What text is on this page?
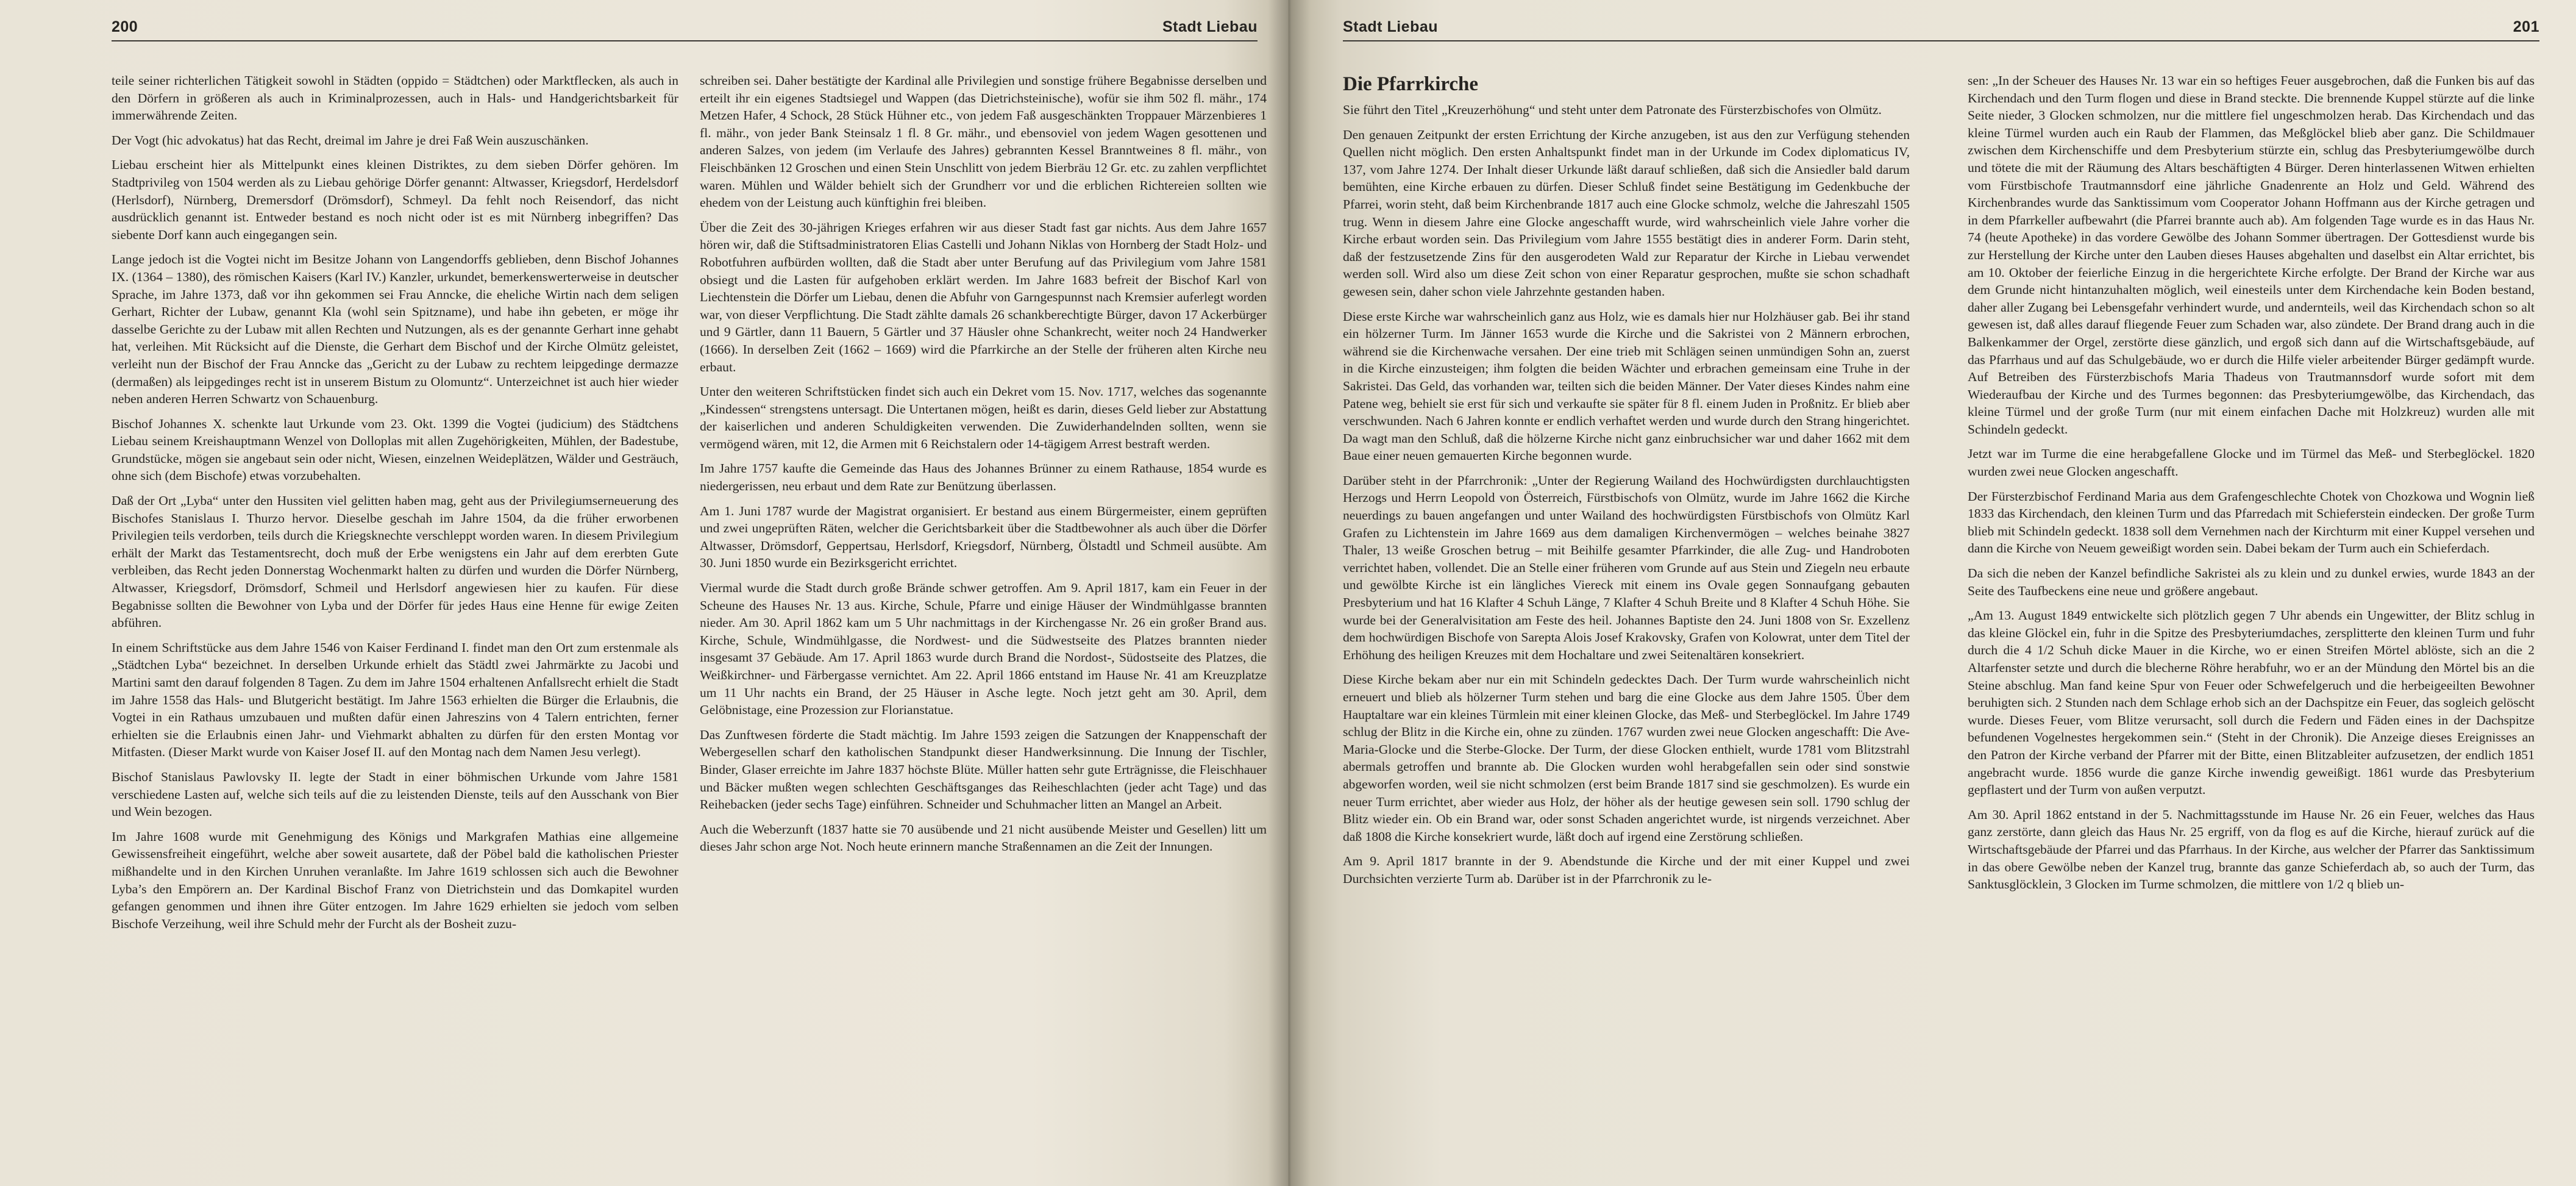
200	Stadt Liebau

teile seiner richterlichen Tätigkeit sowohl in Städten (oppido = Städtchen) oder Marktflecken, als auch in den Dörfern in größeren als auch in Kriminalprozessen, auch in Hals- und Handgerichtsbarkeit für immerwährende Zeiten.

Der Vogt (hic advokatus) hat das Recht, dreimal im Jahre je drei Faß Wein auszuschänken.

Liebau erscheint hier als Mittelpunkt eines kleinen Distriktes, zu dem sieben Dörfer gehören. Im Stadtprivileg von 1504 werden als zu Liebau gehörige Dörfer genannt: Altwasser, Kriegsdorf, Herdelsdorf (Herlsdorf), Nürnberg, Dremersdorf (Drömsdorf), Schmeyl. Da fehlt noch Reisendorf, das nicht ausdrücklich genannt ist. Entweder bestand es noch nicht oder ist es mit Nürnberg inbegriffen? Das siebente Dorf kann auch eingegangen sein.

Lange jedoch ist die Vogtei nicht im Besitze Johann von Langendorffs geblieben, denn Bischof Johannes IX. (1364 – 1380), des römischen Kaisers (Karl IV.) Kanzler, urkundet, bemerkenswerterweise in deutscher Sprache, im Jahre 1373, daß vor ihn gekommen sei Frau Anncke, die eheliche Wirtin nach dem seligen Gerhart, Richter der Lubaw, genannt Kla (wohl sein Spitzname), und habe ihn gebeten, er möge ihr dasselbe Gerichte zu der Lubaw mit allen Rechten und Nutzungen, als es der genannte Gerhart inne gehabt hat, verleihen. Mit Rücksicht auf die Dienste, die Gerhart dem Bischof und der Kirche Olmütz geleistet, verleiht nun der Bischof der Frau Anncke das „Gericht zu der Lubaw zu rechtem leipgedinge dermazze (dermaßen) als leipgedinges recht ist in unserem Bistum zu Olomuntz“. Unterzeichnet ist auch hier wieder neben anderen Herren Schwartz von Schauenburg.

Bischof Johannes X. schenkte laut Urkunde vom 23. Okt. 1399 die Vogtei (judicium) des Städtchens Liebau seinem Kreishauptmann Wenzel von Dolloplas mit allen Zugehörigkeiten, Mühlen, der Badestube, Grundstücke, mögen sie angebaut sein oder nicht, Wiesen, einzelnen Weideplätzen, Wälder und Gesträuch, ohne sich (dem Bischofe) etwas vorzubehalten.

Daß der Ort „Lyba“ unter den Hussiten viel gelitten haben mag, geht aus der Privilegiumserneuerung des Bischofes Stanislaus I. Thurzo hervor. Dieselbe geschah im Jahre 1504, da die früher erworbenen Privilegien teils verdorben, teils durch die Kriegsknechte verschleppt worden waren. In diesem Privilegium erhält der Markt das Testamentsrecht, doch muß der Erbe wenigstens ein Jahr auf dem ererbten Gute verbleiben, das Recht jeden Donnerstag Wochenmarkt halten zu dürfen und wurden die Dörfer Nürnberg, Altwasser, Kriegsdorf, Drömsdorf, Schmeil und Herlsdorf angewiesen hier zu kaufen. Für diese Begabnisse sollten die Bewohner von Lyba und der Dörfer für jedes Haus eine Henne für ewige Zeiten abführen.

In einem Schriftstücke aus dem Jahre 1546 von Kaiser Ferdinand I. findet man den Ort zum erstenmale als „Städtchen Lyba“ bezeichnet. In derselben Urkunde erhielt das Städtl zwei Jahrmärkte zu Jacobi und Martini samt den darauf folgenden 8 Tagen. Zu dem im Jahre 1504 erhaltenen Anfallsrecht erhielt die Stadt im Jahre 1558 das Hals- und Blutgericht bestätigt. Im Jahre 1563 erhielten die Bürger die Erlaubnis, die Vogtei in ein Rathaus umzubauen und mußten dafür einen Jahreszins von 4 Talern entrichten, ferner erhielten sie die Erlaubnis einen Jahr- und Viehmarkt abhalten zu dürfen für den ersten Montag vor Mitfasten. (Dieser Markt wurde von Kaiser Josef II. auf den Montag nach dem Namen Jesu verlegt).

Bischof Stanislaus Pawlovsky II. legte der Stadt in einer böhmischen Urkunde vom Jahre 1581 verschiedene Lasten auf, welche sich teils auf die zu leistenden Dienste, teils auf den Ausschank von Bier und Wein bezogen.

Im Jahre 1608 wurde mit Genehmigung des Königs und Markgrafen Mathias eine allgemeine Gewissensfreiheit eingeführt, welche aber soweit ausartete, daß der Pöbel bald die katholischen Priester mißhandelte und in den Kirchen Unruhen veranlaßte. Im Jahre 1619 schlossen sich auch die Bewohner Lyba’s den Empörern an. Der Kardinal Bischof Franz von Dietrichstein und das Domkapitel wurden gefangen genommen und ihnen ihre Güter entzogen. Im Jahre 1629 erhielten sie jedoch vom selben Bischofe Verzeihung, weil ihre Schuld mehr der Furcht als der Bosheit zuzu-

schreiben sei. Daher bestätigte der Kardinal alle Privilegien und sonstige frühere Begabnisse derselben und erteilt ihr ein eigenes Stadtsiegel und Wappen (das Dietrichsteinische), wofür sie ihm 502 fl. mähr., 174 Metzen Hafer, 4 Schock, 28 Stück Hühner etc., von jedem Faß ausgeschänkten Troppauer Märzenbieres 1 fl. mähr., von jeder Bank Steinsalz 1 fl. 8 Gr. mähr., und ebensoviel von jedem Wagen gesottenen und anderen Salzes, von jedem (im Verlaufe des Jahres) gebrannten Kessel Branntweines 8 fl. mähr., von Fleischbänken 12 Groschen und einen Stein Unschlitt von jedem Bierbräu 12 Gr. etc. zu zahlen verpflichtet waren. Mühlen und Wälder behielt sich der Grundherr vor und die erblichen Richtereien sollten wie ehedem von der Leistung auch künftighin frei bleiben.

Über die Zeit des 30-jährigen Krieges erfahren wir aus dieser Stadt fast gar nichts. Aus dem Jahre 1657 hören wir, daß die Stiftsadministratoren Elias Castelli und Johann Niklas von Hornberg der Stadt Holz- und Robotfuhren aufbürden wollten, daß die Stadt aber unter Berufung auf das Privilegium vom Jahre 1581 obsiegt und die Lasten für aufgehoben erklärt werden. Im Jahre 1683 befreit der Bischof Karl von Liechtenstein die Dörfer um Liebau, denen die Abfuhr von Garngespunnst nach Kremsier auferlegt worden war, von dieser Verpflichtung. Die Stadt zählte damals 26 schankberechtigte Bürger, davon 17 Ackerbürger und 9 Gärtler, dann 11 Bauern, 5 Gärtler und 37 Häusler ohne Schankrecht, weiter noch 24 Handwerker (1666). In derselben Zeit (1662 – 1669) wird die Pfarrkirche an der Stelle der früheren alten Kirche neu erbaut.

Unter den weiteren Schriftstücken findet sich auch ein Dekret vom 15. Nov. 1717, welches das sogenannte „Kindessen“ strengstens untersagt. Die Untertanen mögen, heißt es darin, dieses Geld lieber zur Abstattung der kaiserlichen und anderen Schuldigkeiten verwenden. Die Zuwiderhandelnden sollten, wenn sie vermögend wären, mit 12, die Armen mit 6 Reichstalern oder 14-tägigem Arrest bestraft werden.

Im Jahre 1757 kaufte die Gemeinde das Haus des Johannes Brünner zu einem Rathause, 1854 wurde es niedergerissen, neu erbaut und dem Rate zur Benützung überlassen.

Am 1. Juni 1787 wurde der Magistrat organisiert. Er bestand aus einem Bürgermeister, einem geprüften und zwei ungeprüften Räten, welcher die Gerichtsbarkeit über die Stadtbewohner als auch über die Dörfer Altwasser, Drömsdorf, Geppertsau, Herlsdorf, Kriegsdorf, Nürnberg, Ölstadtl und Schmeil ausübte. Am 30. Juni 1850 wurde ein Bezirksgericht errichtet.

Viermal wurde die Stadt durch große Brände schwer getroffen. Am 9. April 1817, kam ein Feuer in der Scheune des Hauses Nr. 13 aus. Kirche, Schule, Pfarre und einige Häuser der Windmühlgasse brannten nieder. Am 30. April 1862 kam um 5 Uhr nachmittags in der Kirchengasse Nr. 26 ein großer Brand aus. Kirche, Schule, Windmühlgasse, die Nordwest- und die Südwestseite des Platzes brannten nieder insgesamt 37 Gebäude. Am 17. April 1863 wurde durch Brand die Nordost-, Südostseite des Platzes, die Weißkirchner- und Färbergasse vernichtet. Am 22. April 1866 entstand im Hause Nr. 41 am Kreuzplatze um 11 Uhr nachts ein Brand, der 25 Häuser in Asche legte. Noch jetzt geht am 30. April, dem Gelöbnistage, eine Prozession zur Florianstatue.

Das Zunftwesen förderte die Stadt mächtig. Im Jahre 1593 zeigen die Satzungen der Knappenschaft der Webergesellen scharf den katholischen Standpunkt dieser Handwerksinnung. Die Innung der Tischler, Binder, Glaser erreichte im Jahre 1837 höchste Blüte. Müller hatten sehr gute Erträgnisse, die Fleischhauer und Bäcker mußten wegen schlechten Geschäftsganges das Reiheschlachten (jeder acht Tage) und das Reihebacken (jeder sechs Tage) einführen. Schneider und Schuhmacher litten an Mangel an Arbeit.

Auch die Weberzunft (1837 hatte sie 70 ausübende und 21 nicht ausübende Meister und Gesellen) litt um dieses Jahr schon arge Not. Noch heute erinnern manche Straßennamen an die Zeit der Innungen.

Stadt Liebau	201
Die Pfarrkirche

Sie führt den Titel „Kreuzerhöhung“ und steht unter dem Patronate des Fürsterzbischofes von Olmütz.

Den genauen Zeitpunkt der ersten Errichtung der Kirche anzugeben, ist aus den zur Verfügung stehenden Quellen nicht möglich. Den ersten Anhaltspunkt findet man in der Urkunde im Codex diplomaticus IV, 137, vom Jahre 1274. Der Inhalt dieser Urkunde läßt darauf schließen, daß sich die Ansiedler bald darum bemühten, eine Kirche erbauen zu dürfen. Dieser Schluß findet seine Bestätigung im Gedenkbuche der Pfarrei, worin steht, daß beim Kirchenbrande 1817 auch eine Glocke schmolz, welche die Jahreszahl 1505 trug. Wenn in diesem Jahre eine Glocke angeschafft wurde, wird wahrscheinlich viele Jahre vorher die Kirche erbaut worden sein. Das Privilegium vom Jahre 1555 bestätigt dies in anderer Form. Darin steht, daß der festzusetzende Zins für den ausgerodeten Wald zur Reparatur der Kirche in Liebau verwendet werden soll. Wird also um diese Zeit schon von einer Reparatur gesprochen, mußte sie schon schadhaft gewesen sein, daher schon viele Jahrzehnte gestanden haben.

Diese erste Kirche war wahrscheinlich ganz aus Holz, wie es damals hier nur Holzhäuser gab. Bei ihr stand ein hölzerner Turm. Im Jänner 1653 wurde die Kirche und die Sakristei von 2 Männern erbrochen, während sie die Kirchenwache versahen. Der eine trieb mit Schlägen seinen unmündigen Sohn an, zuerst in die Kirche einzusteigen; ihm folgten die beiden Wächter und erbrachen gemeinsam eine Truhe in der Sakristei. Das Geld, das vorhanden war, teilten sich die beiden Männer. Der Vater dieses Kindes nahm eine Patene weg, behielt sie erst für sich und verkaufte sie später für 8 fl. einem Juden in Proßnitz. Er blieb aber verschwunden. Nach 6 Jahren konnte er endlich verhaftet werden und wurde durch den Strang hingerichtet. Da wagt man den Schluß, daß die hölzerne Kirche nicht ganz einbruchsicher war und daher 1662 mit dem Baue einer neuen gemauerten Kirche begonnen wurde.

Darüber steht in der Pfarrchronik: „Unter der Regierung Wailand des Hochwürdigsten durchlauchtigsten Herzogs und Herrn Leopold von Österreich, Fürstbischofs von Olmütz, wurde im Jahre 1662 die Kirche neuerdings zu bauen angefangen und unter Wailand des hochwürdigsten Fürstbischofs von Olmütz Karl Grafen zu Lichtenstein im Jahre 1669 aus dem damaligen Kirchenvermögen – welches beinahe 3827 Thaler, 13 weiße Groschen betrug – mit Beihilfe gesamter Pfarrkinder, die alle Zug- und Handroboten verrichtet haben, vollendet. Die an Stelle einer früheren vom Grunde auf aus Stein und Ziegeln neu erbaute und gewölbte Kirche ist ein längliches Viereck mit einem ins Ovale gegen Sonnaufgang gebauten Presbyterium und hat 16 Klafter 4 Schuh Länge, 7 Klafter 4 Schuh Breite und 8 Klafter 4 Schuh Höhe. Sie wurde bei der Generalvisitation am Feste des heil. Johannes Baptiste den 24. Juni 1808 von Sr. Exzellenz dem hochwürdigen Bischofe von Sarepta Alois Josef Krakovsky, Grafen von Kolowrat, unter dem Titel der Erhöhung des heiligen Kreuzes mit dem Hochaltare und zwei Seitenaltären konsekriert.

Diese Kirche bekam aber nur ein mit Schindeln gedecktes Dach. Der Turm wurde wahrscheinlich nicht erneuert und blieb als hölzerner Turm stehen und barg die eine Glocke aus dem Jahre 1505. Über dem Hauptaltare war ein kleines Türmlein mit einer kleinen Glocke, das Meß- und Sterbeglöckel. Im Jahre 1749 schlug der Blitz in die Kirche ein, ohne zu zünden. 1767 wurden zwei neue Glocken angeschafft: Die Ave-Maria-Glocke und die Sterbe-Glocke. Der Turm, der diese Glocken enthielt, wurde 1781 vom Blitzstrahl abermals getroffen und brannte ab. Die Glocken wurden wohl herabgefallen sein oder sind sonstwie abgeworfen worden, weil sie nicht schmolzen (erst beim Brande 1817 sind sie geschmolzen). Es wurde ein neuer Turm errichtet, aber wieder aus Holz, der höher als der heutige gewesen sein soll. 1790 schlug der Blitz wieder ein. Ob ein Brand war, oder sonst Schaden angerichtet wurde, ist nirgends verzeichnet. Aber daß 1808 die Kirche konsekriert wurde, läßt doch auf irgend eine Zerstörung schließen.

Am 9. April 1817 brannte in der 9. Abendstunde die Kirche und der mit einer Kuppel und zwei Durchsichten verzierte Turm ab. Darüber ist in der Pfarrchronik zu le-

sen: „In der Scheuer des Hauses Nr. 13 war ein so heftiges Feuer ausgebrochen, daß die Funken bis auf das Kirchendach und den Turm flogen und diese in Brand steckte. Die brennende Kuppel stürzte auf die linke Seite nieder, 3 Glocken schmolzen, nur die mittlere fiel ungeschmolzen herab. Das Kirchendach und das kleine Türmel wurden auch ein Raub der Flammen, das Meßglöckel blieb aber ganz. Die Schildmauer zwischen dem Kirchenschiffe und dem Presbyterium stürzte ein, schlug das Presbyteriumgewölbe durch und tötete die mit der Räumung des Altars beschäftigten 4 Bürger. Deren hinterlassenen Witwen erhielten vom Fürstbischofe Trautmannsdorf eine jährliche Gnadenrente an Holz und Geld. Während des Kirchenbrandes wurde das Sanktissimum vom Cooperator Johann Hoffmann aus der Kirche getragen und in dem Pfarrkeller aufbewahrt (die Pfarrei brannte auch ab). Am folgenden Tage wurde es in das Haus Nr. 74 (heute Apotheke) in das vordere Gewölbe des Johann Sommer übertragen. Der Gottesdienst wurde bis zur Herstellung der Kirche unter den Lauben dieses Hauses abgehalten und daselbst ein Altar errichtet, bis am 10. Oktober der feierliche Einzug in die hergerichtete Kirche erfolgte. Der Brand der Kirche war aus dem Grunde nicht hintanzuhalten möglich, weil einesteils unter dem Kirchendache kein Boden bestand, daher aller Zugang bei Lebensgefahr verhindert wurde, und andernteils, weil das Kirchendach schon so alt gewesen ist, daß alles darauf fliegende Feuer zum Schaden war, also zündete. Der Brand drang auch in die Balkenkammer der Orgel, zerstörte diese gänzlich, und ergoß sich dann auf die Wirtschaftsgebäude, auf das Pfarrhaus und auf das Schulgebäude, wo er durch die Hilfe vieler arbeitender Bürger gedämpft wurde. Auf Betreiben des Fürsterzbischofs Maria Thadeus von Trautmannsdorf wurde sofort mit dem Wiederaufbau der Kirche und des Turmes begonnen: das Presbyteriumgewölbe, das Kirchendach, das kleine Türmel und der große Turm (nur mit einem einfachen Dache mit Holzkreuz) wurden alle mit Schindeln gedeckt.

Jetzt war im Turme die eine herabgefallene Glocke und im Türmel das Meß- und Sterbeglöckel. 1820 wurden zwei neue Glocken angeschafft.

Der Fürsterzbischof Ferdinand Maria aus dem Grafengeschlechte Chotek von Chozkowa und Wognin ließ 1833 das Kirchendach, den kleinen Turm und das Pfarredach mit Schieferstein eindecken. Der große Turm blieb mit Schindeln gedeckt. 1838 soll dem Vernehmen nach der Kirchturm mit einer Kuppel versehen und dann die Kirche von Neuem geweißigt worden sein. Dabei bekam der Turm auch ein Schieferdach.

Da sich die neben der Kanzel befindliche Sakristei als zu klein und zu dunkel erwies, wurde 1843 an der Seite des Taufbeckens eine neue und größere angebaut.

„Am 13. August 1849 entwickelte sich plötzlich gegen 7 Uhr abends ein Ungewitter, der Blitz schlug in das kleine Glöckel ein, fuhr in die Spitze des Presbyteriumdaches, zersplitterte den kleinen Turm und fuhr durch die 4 1/2 Schuh dicke Mauer in die Kirche, wo er einen Streifen Mörtel ablöste, sich an die 2 Altarfenster setzte und durch die blecherne Röhre herabfuhr, wo er an der Mündung den Mörtel bis an die Steine abschlug. Man fand keine Spur von Feuer oder Schwefelgeruch und die herbeigeeilten Bewohner beruhigten sich. 2 Stunden nach dem Schlage erhob sich an der Dachspitze ein Feuer, das sogleich gelöscht wurde. Dieses Feuer, vom Blitze verursacht, soll durch die Federn und Fäden eines in der Dachspitze befundenen Vogelnestes hergekommen sein.“ (Steht in der Chronik). Die Anzeige dieses Ereignisses an den Patron der Kirche verband der Pfarrer mit der Bitte, einen Blitzableiter aufzusetzen, der endlich 1851 angebracht wurde. 1856 wurde die ganze Kirche inwendig geweißigt. 1861 wurde das Presbyterium gepflastert und der Turm von außen verputzt.

Am 30. April 1862 entstand in der 5. Nachmittagsstunde im Hause Nr. 26 ein Feuer, welches das Haus ganz zerstörte, dann gleich das Haus Nr. 25 ergriff, von da flog es auf die Kirche, hierauf zurück auf die Wirtschaftsgebäude der Pfarrei und das Pfarrhaus. In der Kirche, aus welcher der Pfarrer das Sanktissimum in das obere Gewölbe neben der Kanzel trug, brannte das ganze Schieferdach ab, so auch der Turm, das Sanktusglöcklein, 3 Glocken im Turme schmolzen, die mittlere von 1/2 q blieb un-
